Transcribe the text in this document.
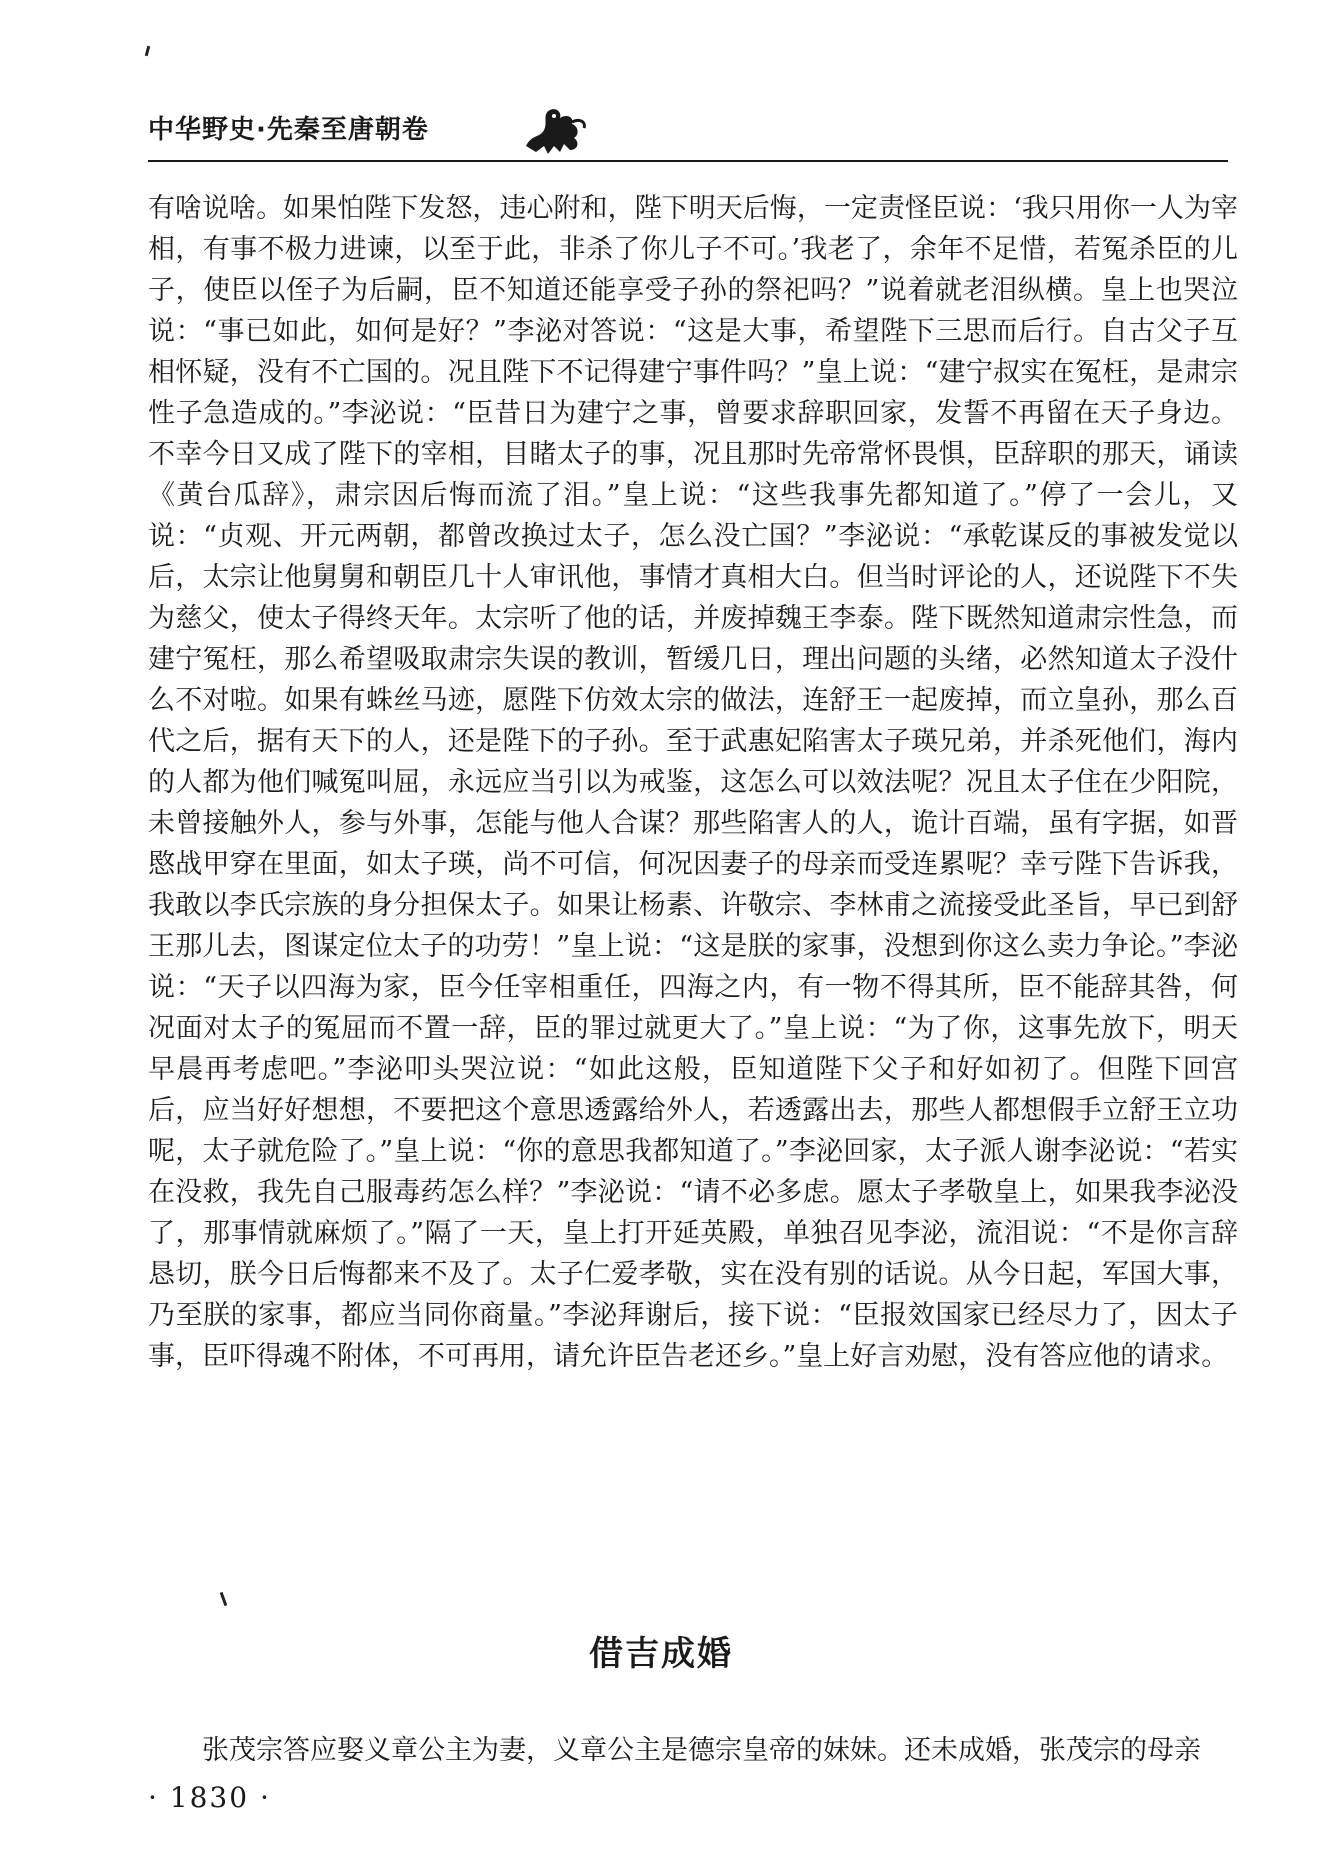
中华野史·先秦至唐朝卷

有啥说啥。如果怕陛下发怒，违心附和，陛下明天后悔，一定责怪臣说：‘我只用你一人为宰相，有事不极力进谏，以至于此，非杀了你儿子不可。’我老了，余年不足惜，若冤杀臣的儿子，使臣以侄子为后嗣，臣不知道还能享受子孙的祭祀吗？”说着就老泪纵横。皇上也哭泣说：“事已如此，如何是好？”李泌对答说：“这是大事，希望陛下三思而后行。自古父子互相怀疑，没有不亡国的。况且陛下不记得建宁事件吗？”皇上说：“建宁叔实在冤枉，是肃宗性子急造成的。”李泌说：“臣昔日为建宁之事，曾要求辞职回家，发誓不再留在天子身边。不幸今日又成了陛下的宰相，目睹太子的事，况且那时先帝常怀畏惧，臣辞职的那天，诵读《黄台瓜辞》，肃宗因后悔而流了泪。”皇上说：“这些我事先都知道了。”停了一会儿，又说：“贞观、开元两朝，都曾改换过太子，怎么没亡国？”李泌说：“承乾谋反的事被发觉以后，太宗让他舅舅和朝臣几十人审讯他，事情才真相大白。但当时评论的人，还说陛下不失为慈父，使太子得终天年。太宗听了他的话，并废掉魏王李泰。陛下既然知道肃宗性急，而建宁冤枉，那么希望吸取肃宗失误的教训，暂缓几日，理出问题的头绪，必然知道太子没什么不对啦。如果有蛛丝马迹，愿陛下仿效太宗的做法，连舒王一起废掉，而立皇孙，那么百代之后，据有天下的人，还是陛下的子孙。至于武惠妃陷害太子瑛兄弟，并杀死他们，海内的人都为他们喊冤叫屈，永远应当引以为戒鉴，这怎么可以效法呢？况且太子住在少阳院，未曾接触外人，参与外事，怎能与他人合谋？那些陷害人的人，诡计百端，虽有字据，如晋愍战甲穿在里面，如太子瑛，尚不可信，何况因妻子的母亲而受连累呢？幸亏陛下告诉我，我敢以李氏宗族的身分担保太子。如果让杨素、许敬宗、李林甫之流接受此圣旨，早已到舒王那儿去，图谋定位太子的功劳！”皇上说：“这是朕的家事，没想到你这么卖力争论。”李泌说：“天子以四海为家，臣今任宰相重任，四海之内，有一物不得其所，臣不能辞其咎，何况面对太子的冤屈而不置一辞，臣的罪过就更大了。”皇上说：“为了你，这事先放下，明天早晨再考虑吧。”李泌叩头哭泣说：“如此这般，臣知道陛下父子和好如初了。但陛下回宫后，应当好好想想，不要把这个意思透露给外人，若透露出去，那些人都想假手立舒王立功呢，太子就危险了。”皇上说：“你的意思我都知道了。”李泌回家，太子派人谢李泌说：“若实在没救，我先自己服毒药怎么样？”李泌说：“请不必多虑。愿太子孝敬皇上，如果我李泌没了，那事情就麻烦了。”隔了一天，皇上打开延英殿，单独召见李泌，流泪说：“不是你言辞恳切，朕今日后悔都来不及了。太子仁爱孝敬，实在没有别的话说。从今日起，军国大事，乃至朕的家事，都应当同你商量。”李泌拜谢后，接下说：“臣报效国家已经尽力了，因太子事，臣吓得魂不附体，不可再用，请允许臣告老还乡。”皇上好言劝慰，没有答应他的请求。

借吉成婚

张茂宗答应娶义章公主为妻，义章公主是德宗皇帝的妹妹。还未成婚，张茂宗的母亲

· 1830 ·
